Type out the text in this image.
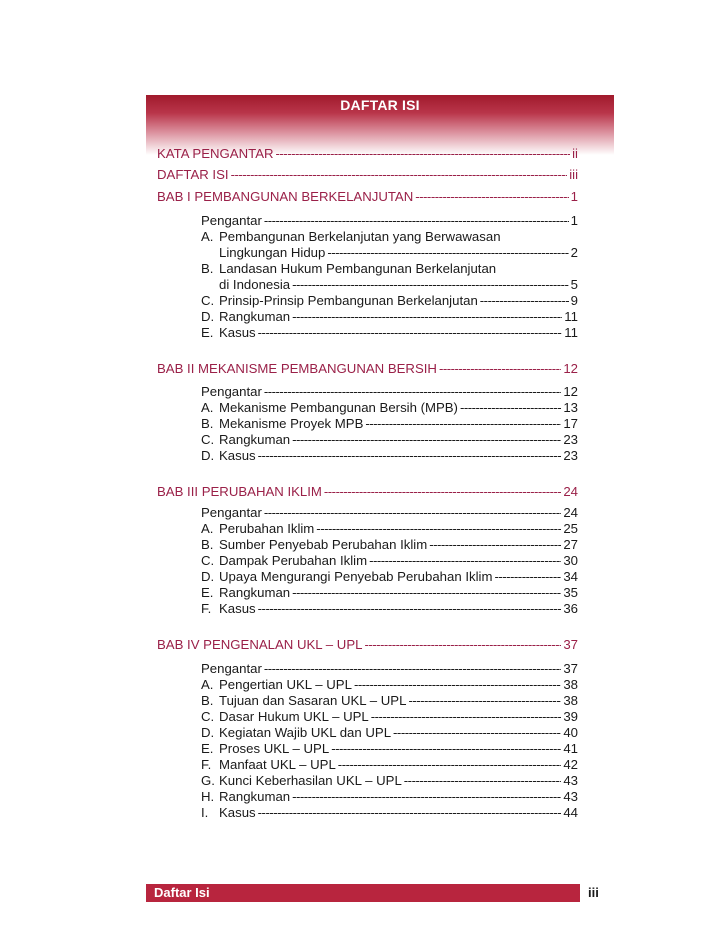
DAFTAR ISI
KATA PENGANTAR -----	ii
DAFTAR ISI -----	iii
BAB I PEMBANGUNAN BERKELANJUTAN -----	1
Pengantar -----	1
A. Pembangunan Berkelanjutan yang Berwawasan
Lingkungan Hidup -----	2
B. Landasan Hukum Pembangunan Berkelanjutan
di Indonesia -----	5
C. Prinsip-Prinsip Pembangunan Berkelanjutan -----	9
D. Rangkuman -----	11
E. Kasus -----	11
BAB II MEKANISME PEMBANGUNAN BERSIH -----	12
Pengantar -----	12
A. Mekanisme Pembangunan Bersih (MPB) -----	13
B. Mekanisme Proyek MPB -----	17
C. Rangkuman -----	23
D. Kasus -----	23
BAB III PERUBAHAN IKLIM -----	24
Pengantar -----	24
A. Perubahan Iklim -----	25
B. Sumber Penyebab Perubahan Iklim -----	27
C. Dampak Perubahan Iklim -----	30
D. Upaya Mengurangi Penyebab Perubahan Iklim -----	34
E. Rangkuman -----	35
F. Kasus -----	36
BAB IV PENGENALAN UKL – UPL -----	37
Pengantar -----	37
A. Pengertian UKL – UPL -----	38
B. Tujuan dan Sasaran UKL – UPL -----	38
C. Dasar Hukum UKL – UPL -----	39
D. Kegiatan Wajib UKL dan UPL -----	40
E. Proses UKL – UPL -----	41
F. Manfaat UKL – UPL -----	42
G. Kunci Keberhasilan UKL – UPL -----	43
H. Rangkuman -----	43
I. Kasus -----	44
Daftar Isi	iii
